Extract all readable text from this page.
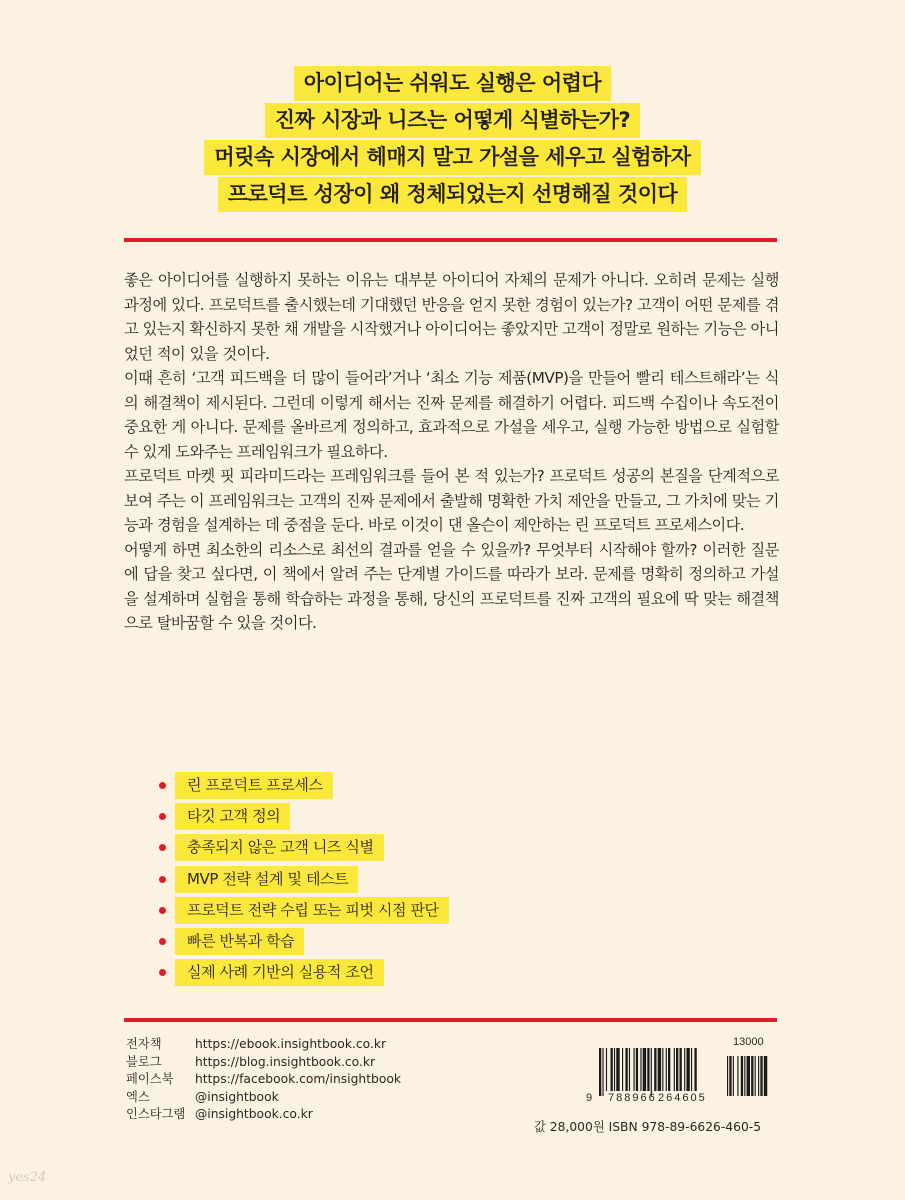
아이디어는 쉬워도 실행은 어렵다
진짜 시장과 니즈는 어떻게 식별하는가?
머릿속 시장에서 헤매지 말고 가설을 세우고 실험하자
프로덕트 성장이 왜 정체되었는지 선명해질 것이다

좋은 아이디어를 실행하지 못하는 이유는 대부분 아이디어 자체의 문제가 아니다. 오히려 문제는 실행 과정에 있다. 프로덕트를 출시했는데 기대했던 반응을 얻지 못한 경험이 있는가? 고객이 어떤 문제를 겪고 있는지 확신하지 못한 채 개발을 시작했거나 아이디어는 좋았지만 고객이 정말로 원하는 기능은 아니었던 적이 있을 것이다.

이때 흔히 ‘고객 피드백을 더 많이 들어라’거나 ‘최소 기능 제품(MVP)을 만들어 빨리 테스트해라’는 식의 해결책이 제시된다. 그런데 이렇게 해서는 진짜 문제를 해결하기 어렵다. 피드백 수집이나 속도전이 중요한 게 아니다. 문제를 올바르게 정의하고, 효과적으로 가설을 세우고, 실행 가능한 방법으로 실험할 수 있게 도와주는 프레임워크가 필요하다.

프로덕트 마켓 핏 피라미드라는 프레임워크를 들어 본 적 있는가? 프로덕트 성공의 본질을 단계적으로 보여 주는 이 프레임워크는 고객의 진짜 문제에서 출발해 명확한 가치 제안을 만들고, 그 가치에 맞는 기능과 경험을 설계하는 데 중점을 둔다. 바로 이것이 댄 올슨이 제안하는 린 프로덕트 프로세스이다.

어떻게 하면 최소한의 리소스로 최선의 결과를 얻을 수 있을까? 무엇부터 시작해야 할까? 이러한 질문에 답을 찾고 싶다면, 이 책에서 알려 주는 단계별 가이드를 따라가 보라. 문제를 명확히 정의하고 가설을 설계하며 실험을 통해 학습하는 과정을 통해, 당신의 프로덕트를 진짜 고객의 필요에 딱 맞는 해결책으로 탈바꿈할 수 있을 것이다.

린 프로덕트 프로세스
타깃 고객 정의
충족되지 않은 고객 니즈 식별
MVP 전략 설계 및 테스트
프로덕트 전략 수립 또는 피벗 시점 판단
빠른 반복과 학습
실제 사례 기반의 실용적 조언
전자책	https://ebook.insightbook.co.kr
블로그	https://blog.insightbook.co.kr
페이스북	https://facebook.com/insightbook
엑스	@insightbook
인스타그램 @insightbook.co.kr
13000
9 788966 264605
값 28,000원 ISBN 978-89-6626-460-5
yes24
